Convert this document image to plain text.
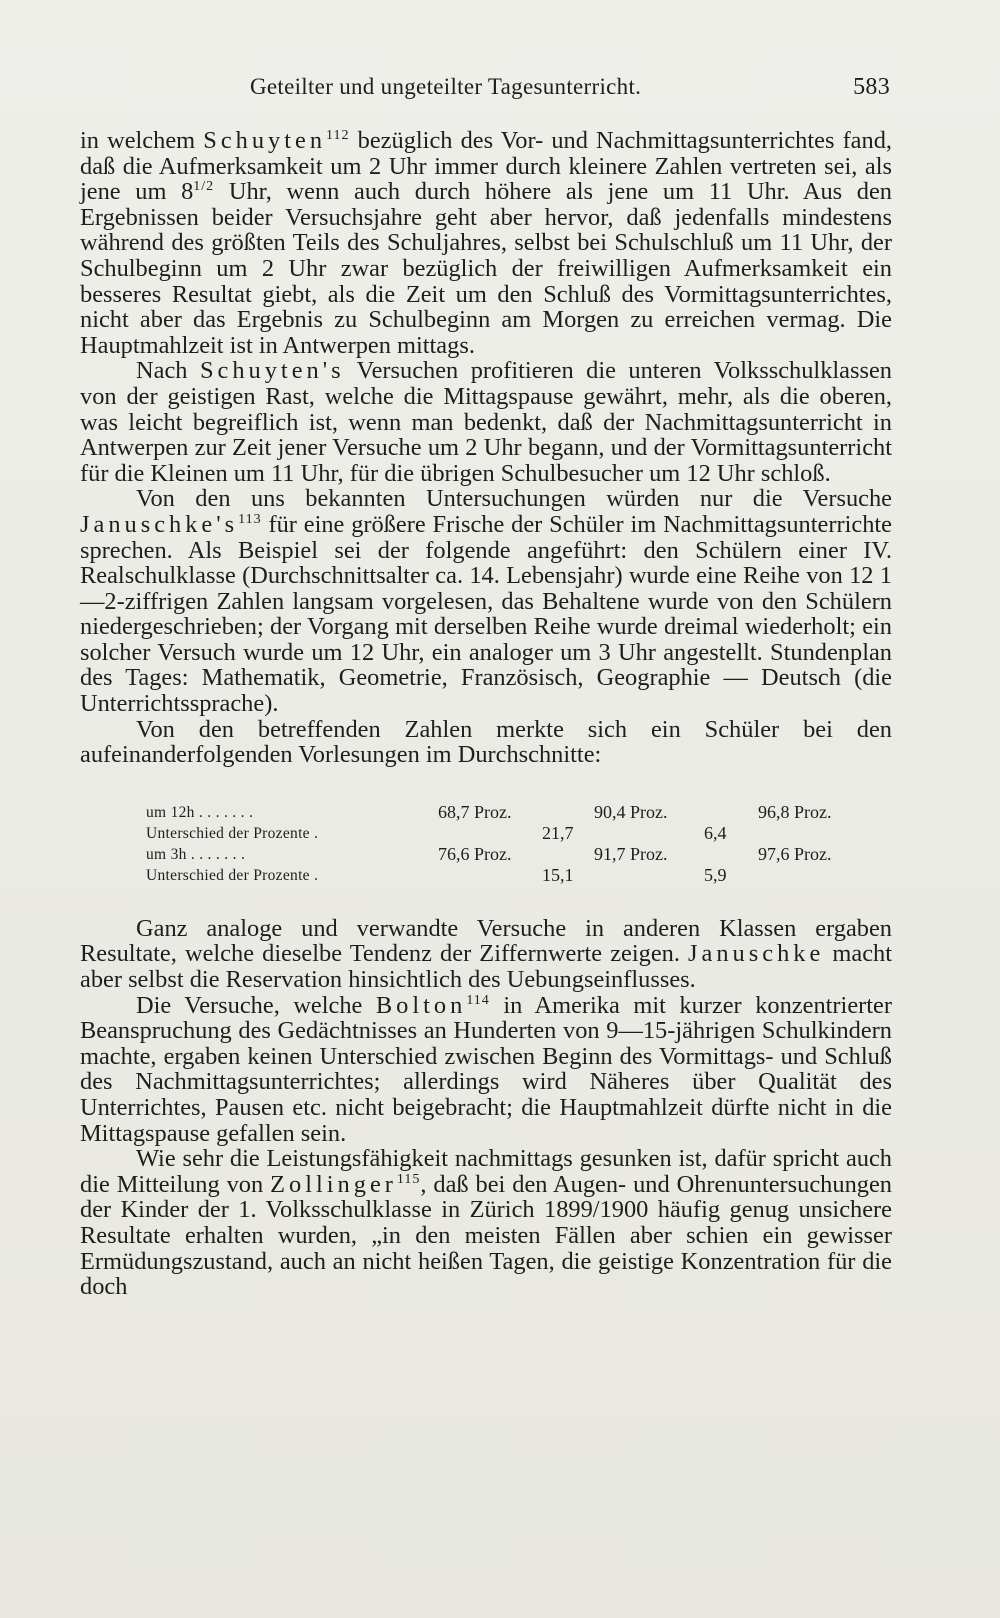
Geteilter und ungeteilter Tagesunterricht.	583

in welchem Schuyten$^{112}$ bezüglich des Vor- und Nachmittagsunterrichtes fand, daß die Aufmerksamkeit um 2 Uhr immer durch kleinere Zahlen vertreten sei, als jene um $8^{1/2}$ Uhr, wenn auch durch höhere als jene um 11 Uhr. Aus den Ergebnissen beider Versuchsjahre geht aber hervor, daß jedenfalls mindestens während des größten Teils des Schuljahres, selbst bei Schulschluß um 11 Uhr, der Schulbeginn um 2 Uhr zwar bezüglich der freiwilligen Aufmerksamkeit ein besseres Resultat giebt, als die Zeit um den Schluß des Vormittagsunterrichtes, nicht aber das Ergebnis zu Schulbeginn am Morgen zu erreichen vermag. Die Hauptmahlzeit ist in Antwerpen mittags.

Nach Schuyten's Versuchen profitieren die unteren Volksschulklassen von der geistigen Rast, welche die Mittagspause gewährt, mehr, als die oberen, was leicht begreiflich ist, wenn man bedenkt, daß der Nachmittagsunterricht in Antwerpen zur Zeit jener Versuche um 2 Uhr begann, und der Vormittagsunterricht für die Kleinen um 11 Uhr, für die übrigen Schulbesucher um 12 Uhr schloß.

Von den uns bekannten Untersuchungen würden nur die Versuche $Januschke's^{113}$ für eine größere Frische der Schüler im Nachmittagsunterrichte sprechen. Als Beispiel sei der folgende angeführt: den Schülern einer IV. Realschulklasse (Durchschnittsalter ca. 14. Lebensjahr) wurde eine Reihe von 12 1—2-ziffrigen Zahlen langsam vorgelesen, das Behaltene wurde von den Schülern niedergeschrieben; der Vorgang mit derselben Reihe wurde dreimal wiederholt; ein solcher Versuch wurde um 12 Uhr, ein analoger um 3 Uhr angestellt. Stundenplan des Tages: Mathematik, Geometrie, Französisch, Geographie — Deutsch (die Unterrichtssprache).

Von den betreffenden Zahlen merkte sich ein Schüler bei den aufeinanderfolgenden Vorlesungen im Durchschnitte:

um 12h . . . . . . .	68,7 Proz.		90,4 Proz.		96,8 Proz.
Unterschied der Prozente .		21,7		6,4	
um 3h . . . . . . .	76,6 Proz.		91,7 Proz.		97,6 Proz.
Unterschied der Prozente .		15,1		5,9	

Ganz analoge und verwandte Versuche in anderen Klassen ergaben Resultate, welche dieselbe Tendenz der Ziffernwerte zeigen. Januschke macht aber selbst die Reservation hinsichtlich des Uebungseinflusses.

Die Versuche, welche Bolton$^{114}$ in Amerika mit kurzer konzentrierter Beanspruchung des Gedächtnisses an Hunderten von 9—15-jährigen Schulkindern machte, ergaben keinen Unterschied zwischen Beginn des Vormittags- und Schluß des Nachmittagsunterrichtes; allerdings wird Näheres über Qualität des Unterrichtes, Pausen etc. nicht beigebracht; die Hauptmahlzeit dürfte nicht in die Mittagspause gefallen sein.

Wie sehr die Leistungsfähigkeit nachmittags gesunken ist, dafür spricht auch die Mitteilung von Zollinger$^{115}$, daß bei den Augen- und Ohrenuntersuchungen der Kinder der 1. Volksschulklasse in Zürich 1899/1900 häufig genug unsichere Resultate erhalten wurden, „in den meisten Fällen aber schien ein gewisser Ermüdungszustand, auch an nicht heißen Tagen, die geistige Konzentration für die doch
